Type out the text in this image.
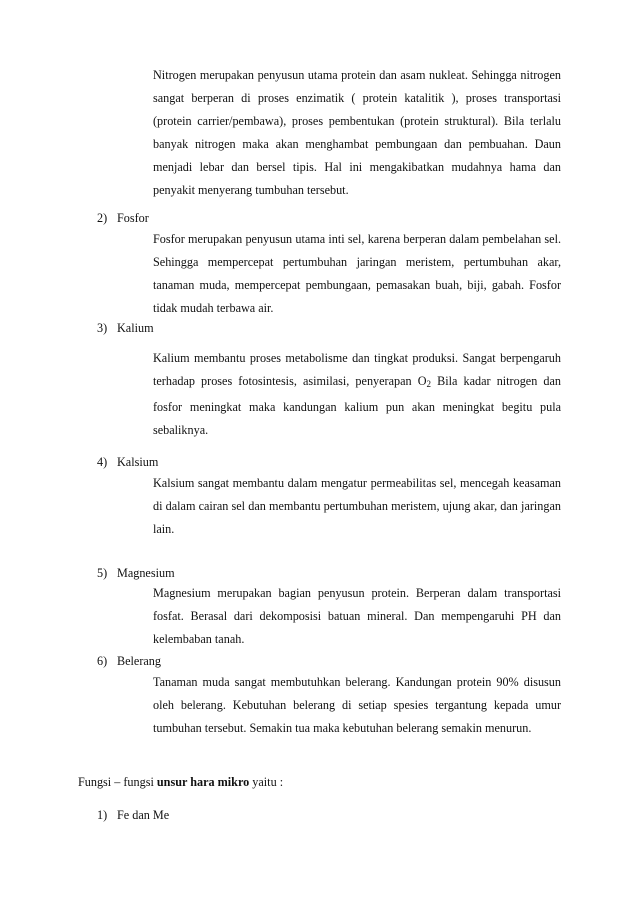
Nitrogen merupakan penyusun utama protein dan asam nukleat. Sehingga nitrogen sangat berperan di proses enzimatik ( protein katalitik ), proses transportasi (protein carrier/pembawa), proses pembentukan (protein struktural). Bila terlalu banyak nitrogen maka akan menghambat pembungaan dan pembuahan. Daun menjadi lebar dan bersel tipis. Hal ini mengakibatkan mudahnya hama dan penyakit menyerang tumbuhan tersebut.

2) Fosfor

Fosfor merupakan penyusun utama inti sel, karena berperan dalam pembelahan sel. Sehingga mempercepat pertumbuhan jaringan meristem, pertumbuhan akar, tanaman muda, mempercepat pembungaan, pemasakan buah, biji, gabah. Fosfor tidak mudah terbawa air.

3) Kalium

Kalium membantu proses metabolisme dan tingkat produksi. Sangat berpengaruh terhadap proses fotosintesis, asimilasi, penyerapan $O_2$ Bila kadar nitrogen dan fosfor meningkat maka kandungan kalium pun akan meningkat begitu pula sebaliknya.

4) Kalsium

Kalsium sangat membantu dalam mengatur permeabilitas sel, mencegah keasaman di dalam cairan sel dan membantu pertumbuhan meristem, ujung akar, dan jaringan lain.

5) Magnesium

Magnesium merupakan bagian penyusun protein. Berperan dalam transportasi fosfat. Berasal dari dekomposisi batuan mineral. Dan mempengaruhi PH dan kelembaban tanah.

6) Belerang

Tanaman muda sangat membutuhkan belerang. Kandungan protein 90% disusun oleh belerang. Kebutuhan belerang di setiap spesies tergantung kepada umur tumbuhan tersebut. Semakin tua maka kebutuhan belerang semakin menurun.

Fungsi – fungsi unsur hara mikro yaitu :

1) Fe dan Me
